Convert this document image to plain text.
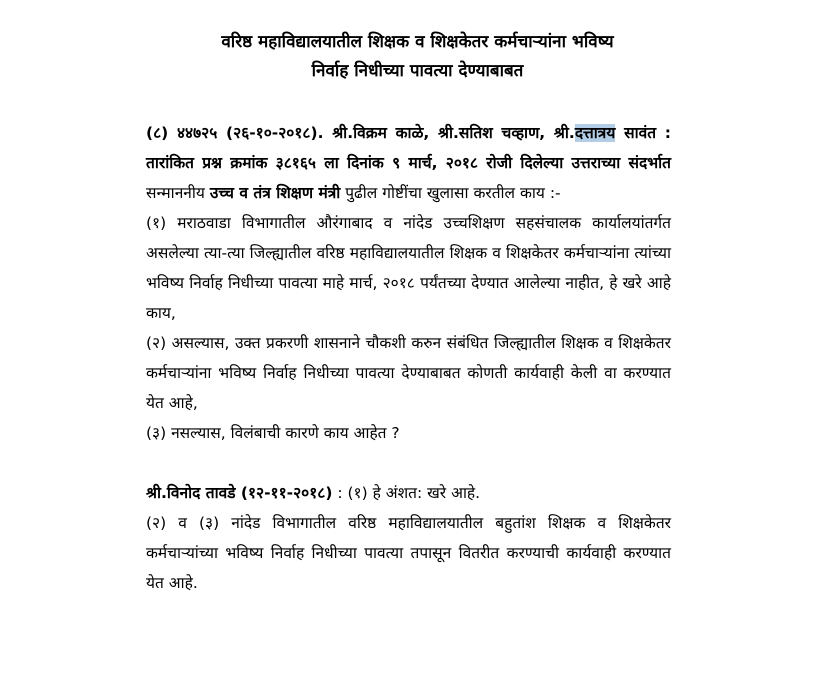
वरिष्ठ महाविद्यालयातील शिक्षक व शिक्षकेतर कर्मचाऱ्यांना भविष्य
निर्वाह निधीच्या पावत्या देण्याबाबत

(८) ४४७२५ (२६-१०-२०१८). श्री.विक्रम काळे, श्री.सतिश चव्हाण, श्री.दत्तात्रय सावंत : तारांकित प्रश्न क्रमांक ३८१६५ ला दिनांक ९ मार्च, २०१८ रोजी दिलेल्या उत्तराच्या संदर्भात सन्माननीय उच्च व तंत्र शिक्षण मंत्री पुढील गोष्टींचा खुलासा करतील काय :-

(१) मराठवाडा विभागातील औरंगाबाद व नांदेड उच्चशिक्षण सहसंचालक कार्यालयांतर्गत असलेल्या त्या-त्या जिल्ह्यातील वरिष्ठ महाविद्यालयातील शिक्षक व शिक्षकेतर कर्मचाऱ्यांना त्यांच्या भविष्य निर्वाह निधीच्या पावत्या माहे मार्च, २०१८ पर्यंतच्या देण्यात आलेल्या नाहीत, हे खरे आहे काय,

(२) असल्यास, उक्त प्रकरणी शासनाने चौकशी करुन संबंधित जिल्ह्यातील शिक्षक व शिक्षकेतर कर्मचाऱ्यांना भविष्य निर्वाह निधीच्या पावत्या देण्याबाबत कोणती कार्यवाही केली वा करण्यात येत आहे,

(३) नसल्यास, विलंबाची कारणे काय आहेत ?

श्री.विनोद तावडे (१२-११-२०१८) : (१) हे अंशत: खरे आहे.

(२) व (३) नांदेड विभागातील वरिष्ठ महाविद्यालयातील बहुतांश शिक्षक व शिक्षकेतर कर्मचाऱ्यांच्या भविष्य निर्वाह निधीच्या पावत्या तपासून वितरीत करण्याची कार्यवाही करण्यात येत आहे.
